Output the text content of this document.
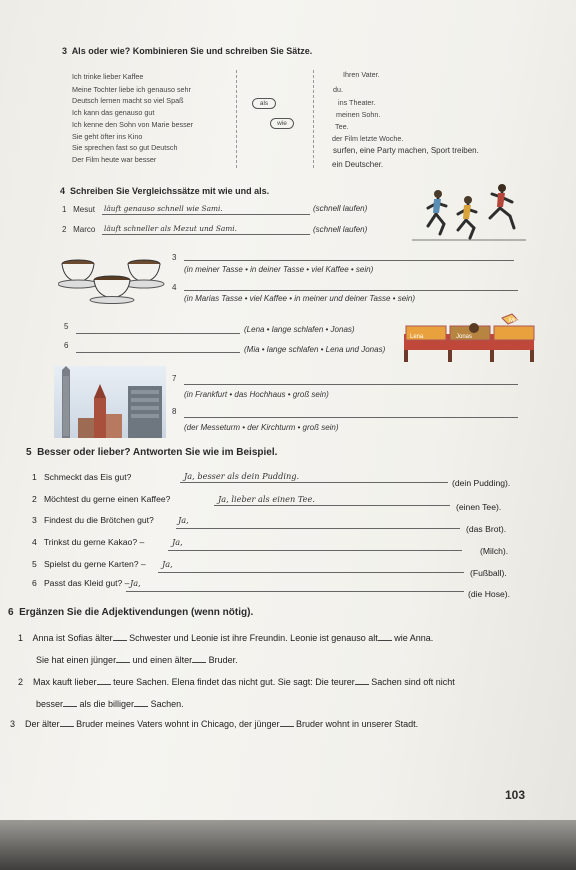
3 Als oder wie? Kombinieren Sie und schreiben Sie Sätze.
Ich trinke lieber Kaffee
Meine Tochter liebe ich genauso sehr
Deutsch lernen macht so viel Spaß
Ich kann das genauso gut
Ich kenne den Sohn von Marie besser
Sie geht öfter ins Kino
Sie sprechen fast so gut Deutsch
Der Film heute war besser
als
wie
Ihren Vater.
du.
ins Theater.
meinen Sohn.
Tee.
der Film letzte Woche.
surfen, eine Party machen, Sport treiben.
ein Deutscher.
4 Schreiben Sie Vergleichssätze mit wie und als.
1 Mesut läuft genauso schnell wie Sami.	(schnell laufen)
2 Marco läuft schneller als Mezut und Sami.	(schnell laufen)
3
(in meiner Tasse • in deiner Tasse • viel Kaffee • sein)
4
(in Marias Tasse • viel Kaffee • in meiner und deiner Tasse • sein)
5	(Lena • lange schlafen • Jonas)
6	(Mia • lange schlafen • Lena und Jonas)
Lena	Jonas
Mia
7
(in Frankfurt • das Hochhaus • groß sein)
8
(der Messeturm • der Kirchturm • groß sein)
5 Besser oder lieber? Antworten Sie wie im Beispiel.
1 Schmeckt das Eis gut?	Ja, besser als dein Pudding.
(dein Pudding).
2 Möchtest du gerne einen Kaffee?	Ja, lieber als einen Tee.
(einen Tee).
3 Findest du die Brötchen gut?	Ja,
(das Brot).
4 Trinkst du gerne Kakao? –	Ja,
(Milch).
5 Spielst du gerne Karten? – Ja,
(Fußball).
6 Passt das Kleid gut? – Ja,
(die Hose).
6 Ergänzen Sie die Adjektivendungen (wenn nötig).
1 Anna ist Sofias älter Schwester und Leonie ist ihre Freundin. Leonie ist genauso alt wie Anna.
Sie hat einen jünger und einen älter Bruder.
2 Max kauft lieber teure Sachen. Elena findet das nicht gut. Sie sagt: Die teurer Sachen sind oft nicht
besser als die billiger Sachen.
3 Der älter Bruder meines Vaters wohnt in Chicago, der jünger Bruder wohnt in unserer Stadt.
103
